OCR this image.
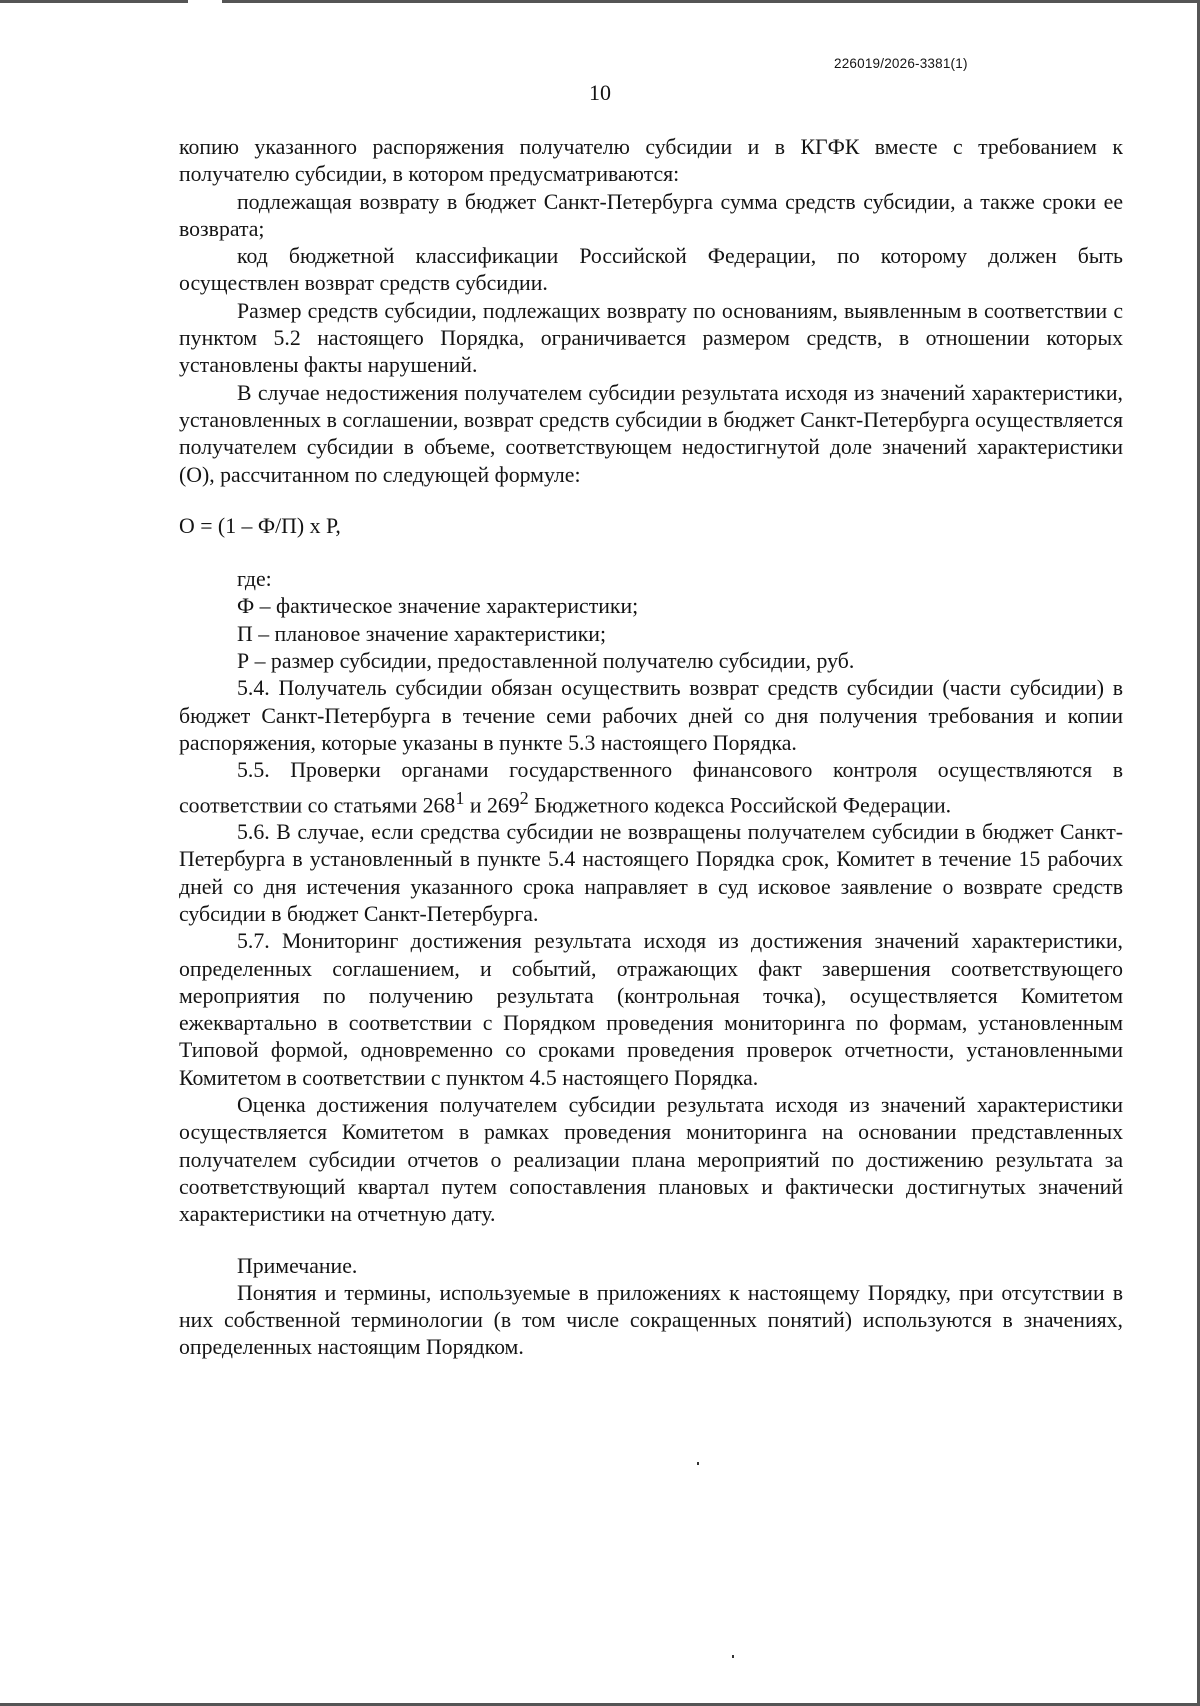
226019/2026-3381(1)
10

копию указанного распоряжения получателю субсидии и в КГФК вместе с требованием к получателю субсидии, в котором предусматриваются:

подлежащая возврату в бюджет Санкт-Петербурга сумма средств субсидии, а также сроки ее возврата;

код бюджетной классификации Российской Федерации, по которому должен быть осуществлен возврат средств субсидии.

Размер средств субсидии, подлежащих возврату по основаниям, выявленным в соответствии с пунктом 5.2 настоящего Порядка, ограничивается размером средств, в отношении которых установлены факты нарушений.

В случае недостижения получателем субсидии результата исходя из значений характеристики, установленных в соглашении, возврат средств субсидии в бюджет Санкт-Петербурга осуществляется получателем субсидии в объеме, соответствующем недостигнутой доле значений характеристики (О), рассчитанном по следующей формуле:

О = (1 – Ф/П) х Р,

где:

Ф – фактическое значение характеристики;

П – плановое значение характеристики;

Р – размер субсидии, предоставленной получателю субсидии, руб.

5.4. Получатель субсидии обязан осуществить возврат средств субсидии (части субсидии) в бюджет Санкт-Петербурга в течение семи рабочих дней со дня получения требования и копии распоряжения, которые указаны в пункте 5.3 настоящего Порядка.

5.5. Проверки органами государственного финансового контроля осуществляются в соответствии со статьями $268^1$ и $269^2$ Бюджетного кодекса Российской Федерации.

5.6. В случае, если средства субсидии не возвращены получателем субсидии в бюджет Санкт-Петербурга в установленный в пункте 5.4 настоящего Порядка срок, Комитет в течение 15 рабочих дней со дня истечения указанного срока направляет в суд исковое заявление о возврате средств субсидии в бюджет Санкт-Петербурга.

5.7. Мониторинг достижения результата исходя из достижения значений характеристики, определенных соглашением, и событий, отражающих факт завершения соответствующего мероприятия по получению результата (контрольная точка), осуществляется Комитетом ежеквартально в соответствии с Порядком проведения мониторинга по формам, установленным Типовой формой, одновременно со сроками проведения проверок отчетности, установленными Комитетом в соответствии с пунктом 4.5 настоящего Порядка.

Оценка достижения получателем субсидии результата исходя из значений характеристики осуществляется Комитетом в рамках проведения мониторинга на основании представленных получателем субсидии отчетов о реализации плана мероприятий по достижению результата за соответствующий квартал путем сопоставления плановых и фактически достигнутых значений характеристики на отчетную дату.

Примечание.

Понятия и термины, используемые в приложениях к настоящему Порядку, при отсутствии в них собственной терминологии (в том числе сокращенных понятий) используются в значениях, определенных настоящим Порядком.
